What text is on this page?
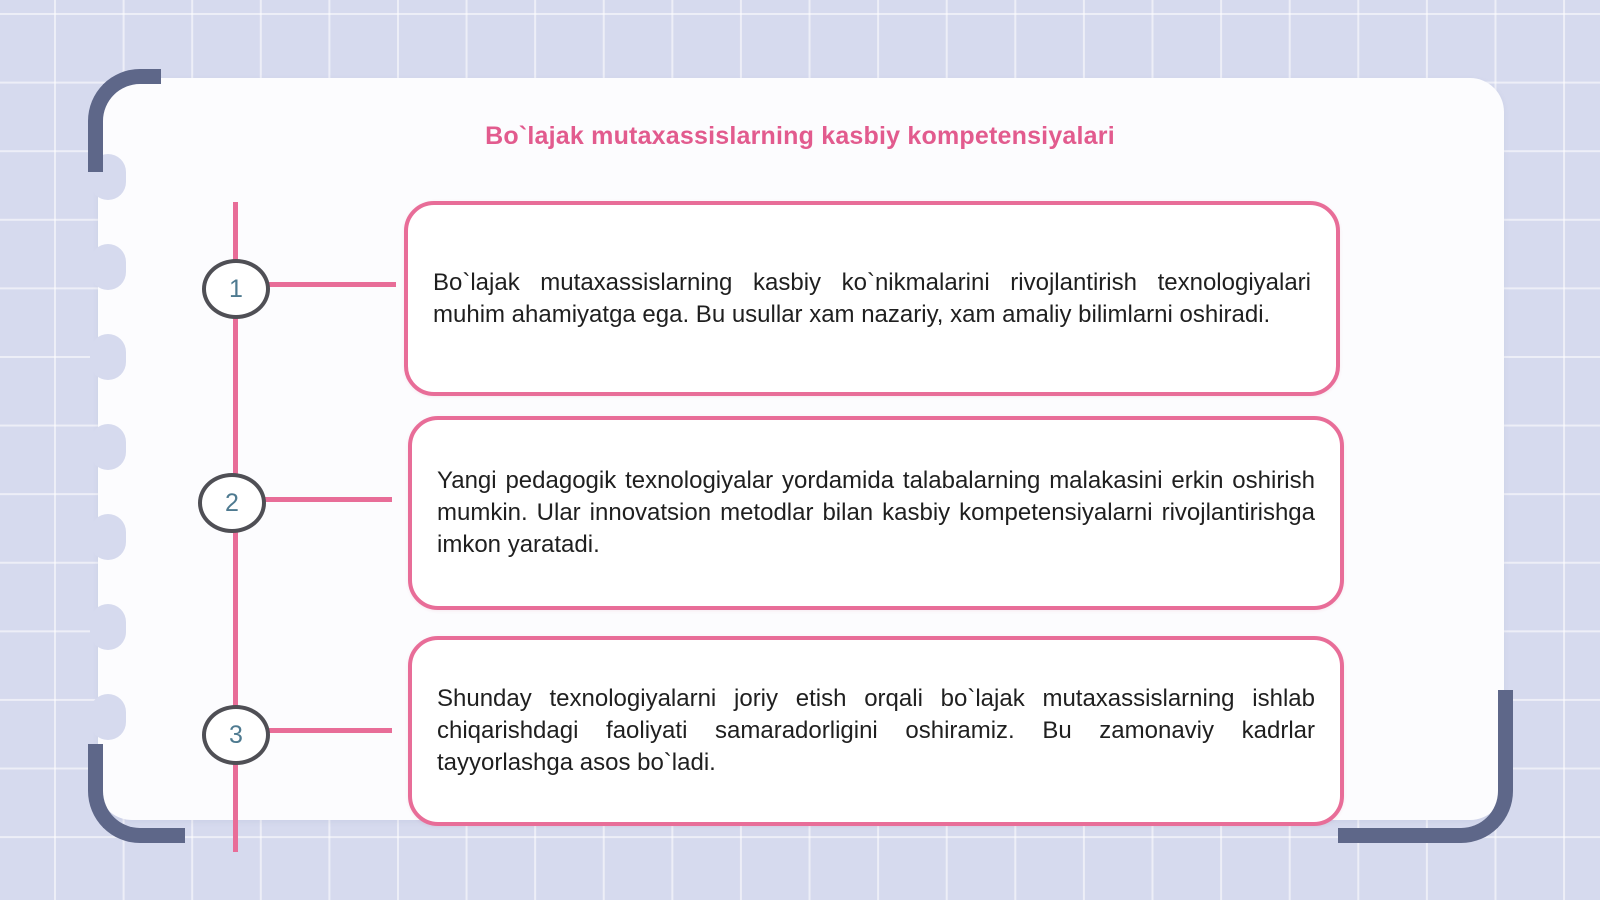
Bo`lajak mutaxassislarning kasbiy kompetensiyalari
1	Bo`lajak mutaxassislarning kasbiy ko`nikmalarini rivojlantirish texnologiyalari muhim ahamiyatga ega. Bu usullar xam nazariy, xam amaliy bilimlarni oshiradi.

2

Yangi pedagogik texnologiyalar yordamida talabalarning malakasini erkin oshirish mumkin. Ular innovatsion metodlar bilan kasbiy kompetensiyalarni rivojlantirishga imkon yaratadi.

3

Shunday texnologiyalarni joriy etish orqali bo`lajak mutaxassislarning ishlab chiqarishdagi faoliyati samaradorligini oshiramiz. Bu zamonaviy kadrlar tayyorlashga asos bo`ladi.
